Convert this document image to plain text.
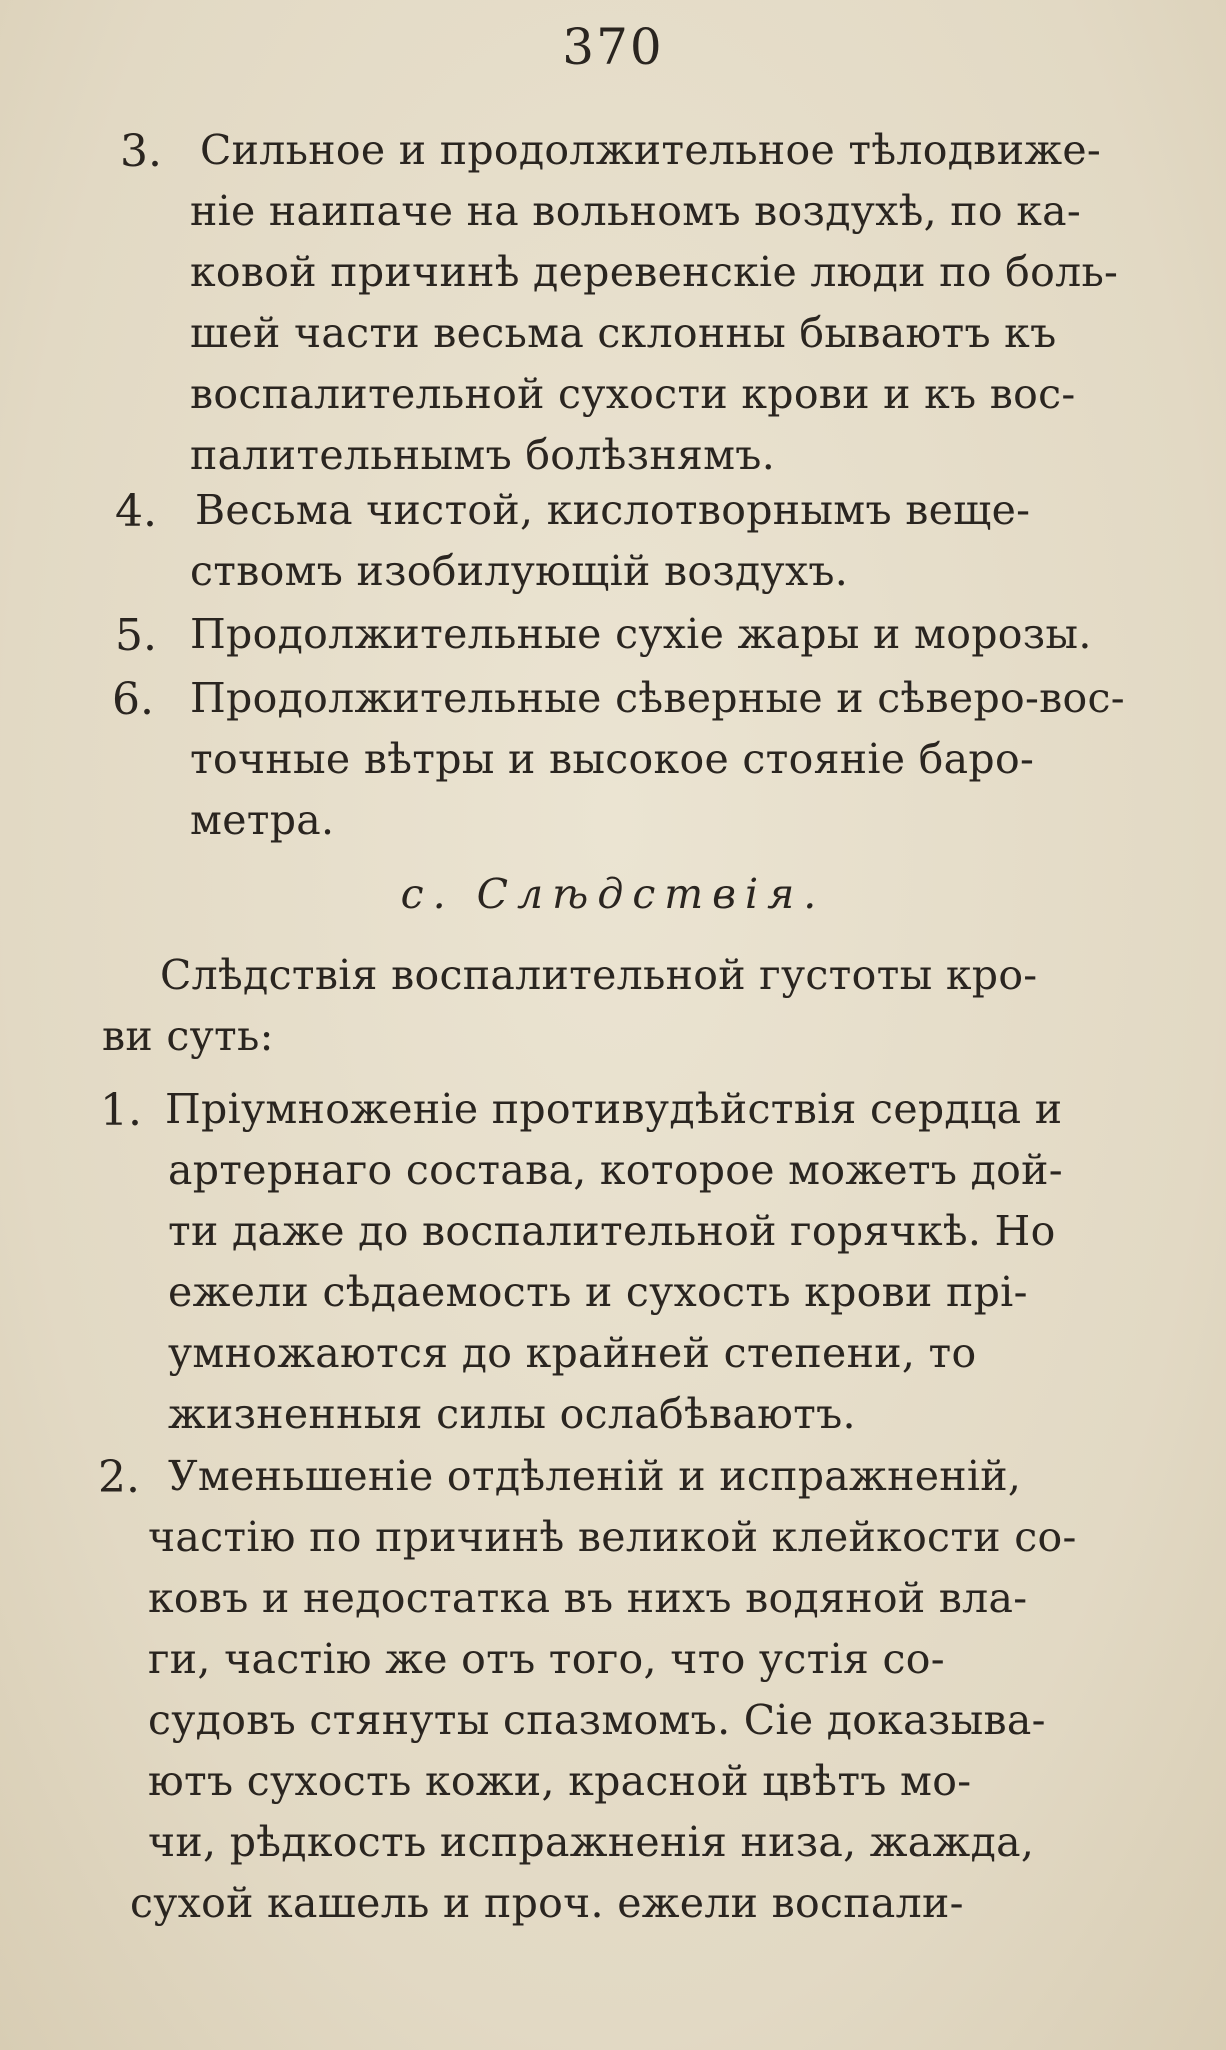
370
3. Сильное и продолжительное тѣлодвиже-
ніе наипаче на вольномъ воздухѣ, по ка-
ковой причинѣ деревенскіе люди по боль-
шей части весьма склонны бываютъ къ
воспалительной сухости крови и къ вос-
палительнымъ болѣзнямъ.
4. Весьма чистой, кислотворнымъ веще-
ствомъ изобилующій воздухъ.
5. Продолжительные сухіе жары и морозы.
6. Продолжительные сѣверные и сѣверо-вос-
точные вѣтры и высокое стояніе баро-
метра.
с. Слѣдствія.
Слѣдствія воспалительной густоты кро-
ви суть:
1. Пріумноженіе противудѣйствія сердца и
артернаго состава, которое можетъ дой-
ти даже до воспалительной горячкѣ. Но
ежели сѣдаемость и сухость крови прі-
умножаются до крайней степени, то
жизненныя силы ослабѣваютъ.
2. Уменьшеніе отдѣленій и испражненій,
частію по причинѣ великой клейкости со-
ковъ и недостатка въ нихъ водяной вла-
ги, частію же отъ того, что устія со-
судовъ стянуты спазмомъ. Сіе доказыва-
ютъ сухость кожи, красной цвѣтъ мо-
чи, рѣдкость испражненія низа, жажда,
сухой кашель и проч. ежели воспали-
